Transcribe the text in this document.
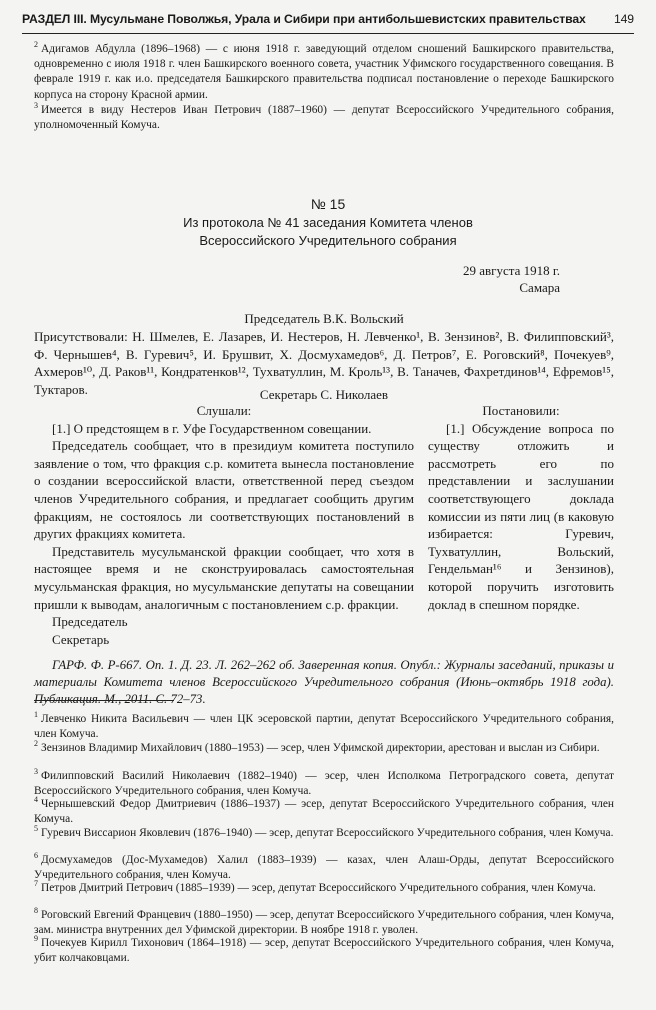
РАЗДЕЛ III. Мусульмане Поволжья, Урала и Сибири при антибольшевистских правительствах 149
$^2$ Адигамов Абдулла (1896–1968) — с июня 1918 г. заведующий отделом сношений Башкирского правительства, одновременно с июля 1918 г. член Башкирского военного совета, участник Уфимского государственного совещания. В феврале 1919 г. как и.о. председателя Башкирского правительства подписал постановление о переходе Башкирского корпуса на сторону Красной армии.
$^3$ Имеется в виду Нестеров Иван Петрович (1887–1960) — депутат Всероссийского Учредительного собрания, уполномоченный Комуча.
№ 15
Из протокола № 41 заседания Комитета членов
Всероссийского Учредительного собрания
29 августа 1918 г.
Самара
Председатель В.К. Вольский
Присутствовали: Н. Шмелев, Е. Лазарев, И. Нестеров, Н. Левченко¹, В. Зензинов², В. Филипповский³, Ф. Чернышев⁴, В. Гуревич⁵, И. Брушвит, Х. Досмухамедов⁶, Д. Петров⁷, Е. Роговский⁸, Почекуев⁹, Ахмеров¹⁰, Д. Раков¹¹, Кондратенков¹², Тухватуллин, М. Кроль¹³, В. Таначев, Фахретдинов¹⁴, Ефремов¹⁵, Туктаров.	Секретарь С. Николаев

Слушали:

[1.] О предстоящем в г. Уфе Государственном совещании.

Председатель сообщает, что в президиум комитета поступило заявление о том, что фракция с.р. комитета вынесла постановление о создании всероссийской власти, ответственной перед съездом членов Учредительного собрания, и предлагает сообщить другим фракциям, не состоялось ли соответствующих постановлений в других фракциях комитета.

Представитель мусульманской фракции сообщает, что хотя в настоящее время и не сконструировалась самостоятельная мусульманская фракция, но мусульманские депутаты на совещании пришли к выводам, аналогичным с постановлением с.р. фракции.

Председатель

Секретарь

Постановили:

[1.] Обсуждение вопроса по существу отложить и рассмотреть его по представлении и заслушании соответствующего доклада комиссии из пяти лиц (в каковую избирается: Гуревич, Тухватуллин, Вольский, Гендельман¹⁶ и Зензинов), которой поручить изготовить доклад в спешном порядке.

ГАРФ. Ф. Р-667. Оп. 1. Д. 23. Л. 262–262 об. Заверенная копия. Опубл.: Журналы заседаний, приказы и материалы Комитета членов Всероссийского Учредительного собрания (Июнь–октябрь 1918 года). Публикация. М., 2011. С. 72–73.
$^1$ Левченко Никита Васильевич — член ЦК эсеровской партии, депутат Всероссийского Учредительного собрания, член Комуча.
$^2$ Зензинов Владимир Михайлович (1880–1953) — эсер, член Уфимской директории, арестован и выслан из Сибири.
$^3$ Филипповский Василий Николаевич (1882–1940) — эсер, член Исполкома Петроградского совета, депутат Всероссийского Учредительного собрания, член Комуча.
$^4$ Чернышевский Федор Дмитриевич (1886–1937) — эсер, депутат Всероссийского Учредительного собрания, член Комуча.
$^5$ Гуревич Виссарион Яковлевич (1876–1940) — эсер, депутат Всероссийского Учредительного собрания, член Комуча.
$^6$ Досмухамедов (Дос-Мухамедов) Халил (1883–1939) — казах, член Алаш-Орды, депутат Всероссийского Учредительного собрания, член Комуча.
$^7$ Петров Дмитрий Петрович (1885–1939) — эсер, депутат Всероссийского Учредительного собрания, член Комуча.
$^8$ Роговский Евгений Францевич (1880–1950) — эсер, депутат Всероссийского Учредительного собрания, член Комуча, зам. министра внутренних дел Уфимской директории. В ноябре 1918 г. уволен.
$^9$ Почекуев Кирилл Тихонович (1864–1918) — эсер, депутат Всероссийского Учредительного собрания, член Комуча, убит колчаковцами.
